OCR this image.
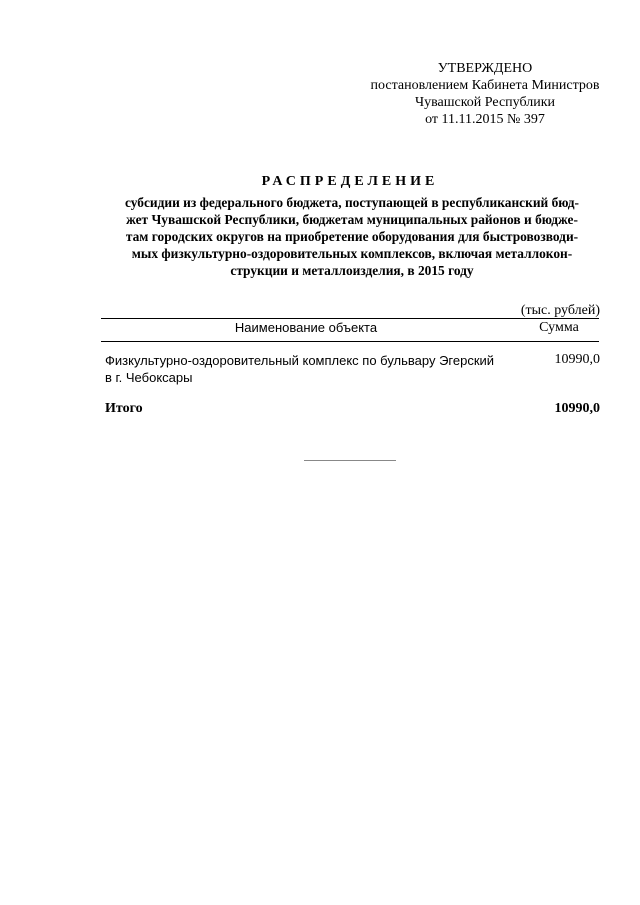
УТВЕРЖДЕНО
постановлением Кабинета Министров
Чувашской Республики
от 11.11.2015 № 397
РАСПРЕДЕЛЕНИЕ
субсидии из федерального бюджета, поступающей в республиканский бюд-
жет Чувашской Республики, бюджетам муниципальных районов и бюдже-
там городских округов на приобретение оборудования для быстровозводи-
мых физкультурно-оздоровительных комплексов, включая металлокон-
струкции и металлоизделия, в 2015 году
(тыс. рублей)
Наименование объекта	Сумма
Физкультурно-оздоровительный комплекс по бульвару Эгерский
в г. Чебоксары
10990,0
Итого	10990,0
